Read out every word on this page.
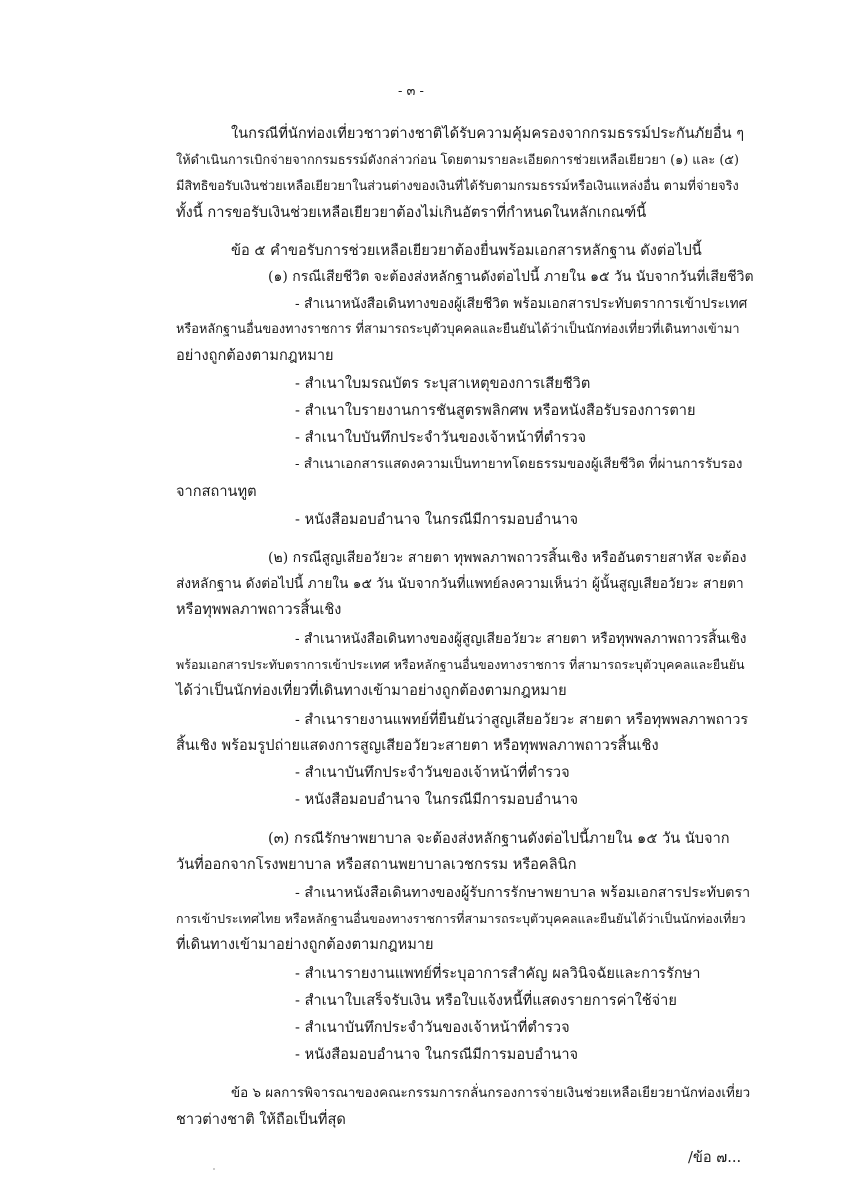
- ๓ -
ในกรณีที่นักท่องเที่ยวชาวต่างชาติได้รับความคุ้มครองจากกรมธรรม์ประกันภัยอื่น ๆ
ให้ดำเนินการเบิกจ่ายจากกรมธรรม์ดังกล่าวก่อน โดยตามรายละเอียดการช่วยเหลือเยียวยา (๑) และ (๕)
มีสิทธิขอรับเงินช่วยเหลือเยียวยาในส่วนต่างของเงินที่ได้รับตามกรมธรรม์หรือเงินแหล่งอื่น ตามที่จ่ายจริง
ทั้งนี้ การขอรับเงินช่วยเหลือเยียวยาต้องไม่เกินอัตราที่กำหนดในหลักเกณฑ์นี้
ข้อ ๕ คำขอรับการช่วยเหลือเยียวยาต้องยื่นพร้อมเอกสารหลักฐาน ดังต่อไปนี้
(๑) กรณีเสียชีวิต จะต้องส่งหลักฐานดังต่อไปนี้ ภายใน ๑๕ วัน นับจากวันที่เสียชีวิต
- สำเนาหนังสือเดินทางของผู้เสียชีวิต พร้อมเอกสารประทับตราการเข้าประเทศ
หรือหลักฐานอื่นของทางราชการ ที่สามารถระบุตัวบุคคลและยืนยันได้ว่าเป็นนักท่องเที่ยวที่เดินทางเข้ามา
อย่างถูกต้องตามกฎหมาย
- สำเนาใบมรณบัตร ระบุสาเหตุของการเสียชีวิต
- สำเนาใบรายงานการชันสูตรพลิกศพ หรือหนังสือรับรองการตาย
- สำเนาใบบันทึกประจำวันของเจ้าหน้าที่ตำรวจ
- สำเนาเอกสารแสดงความเป็นทายาทโดยธรรมของผู้เสียชีวิต ที่ผ่านการรับรอง
จากสถานทูต
- หนังสือมอบอำนาจ ในกรณีมีการมอบอำนาจ
(๒) กรณีสูญเสียอวัยวะ สายตา ทุพพลภาพถาวรสิ้นเชิง หรืออันตรายสาหัส จะต้อง
ส่งหลักฐาน ดังต่อไปนี้ ภายใน ๑๕ วัน นับจากวันที่แพทย์ลงความเห็นว่า ผู้นั้นสูญเสียอวัยวะ สายตา
หรือทุพพลภาพถาวรสิ้นเชิง
- สำเนาหนังสือเดินทางของผู้สูญเสียอวัยวะ สายตา หรือทุพพลภาพถาวรสิ้นเชิง
พร้อมเอกสารประทับตราการเข้าประเทศ หรือหลักฐานอื่นของทางราชการ ที่สามารถระบุตัวบุคคลและยืนยัน
ได้ว่าเป็นนักท่องเที่ยวที่เดินทางเข้ามาอย่างถูกต้องตามกฎหมาย
- สำเนารายงานแพทย์ที่ยืนยันว่าสูญเสียอวัยวะ สายตา หรือทุพพลภาพถาวร
สิ้นเชิง พร้อมรูปถ่ายแสดงการสูญเสียอวัยวะสายตา หรือทุพพลภาพถาวรสิ้นเชิง
- สำเนาบันทึกประจำวันของเจ้าหน้าที่ตำรวจ
- หนังสือมอบอำนาจ ในกรณีมีการมอบอำนาจ
(๓) กรณีรักษาพยาบาล จะต้องส่งหลักฐานดังต่อไปนี้ภายใน ๑๕ วัน นับจาก
วันที่ออกจากโรงพยาบาล หรือสถานพยาบาลเวชกรรม หรือคลินิก
- สำเนาหนังสือเดินทางของผู้รับการรักษาพยาบาล พร้อมเอกสารประทับตรา
การเข้าประเทศไทย หรือหลักฐานอื่นของทางราชการที่สามารถระบุตัวบุคคลและยืนยันได้ว่าเป็นนักท่องเที่ยว
ที่เดินทางเข้ามาอย่างถูกต้องตามกฎหมาย
- สำเนารายงานแพทย์ที่ระบุอาการสำคัญ ผลวินิจฉัยและการรักษา
- สำเนาใบเสร็จรับเงิน หรือใบแจ้งหนี้ที่แสดงรายการค่าใช้จ่าย
- สำเนาบันทึกประจำวันของเจ้าหน้าที่ตำรวจ
- หนังสือมอบอำนาจ ในกรณีมีการมอบอำนาจ
ข้อ ๖ ผลการพิจารณาของคณะกรรมการกลั่นกรองการจ่ายเงินช่วยเหลือเยียวยานักท่องเที่ยว
ชาวต่างชาติ ให้ถือเป็นที่สุด
/ข้อ ๗...
